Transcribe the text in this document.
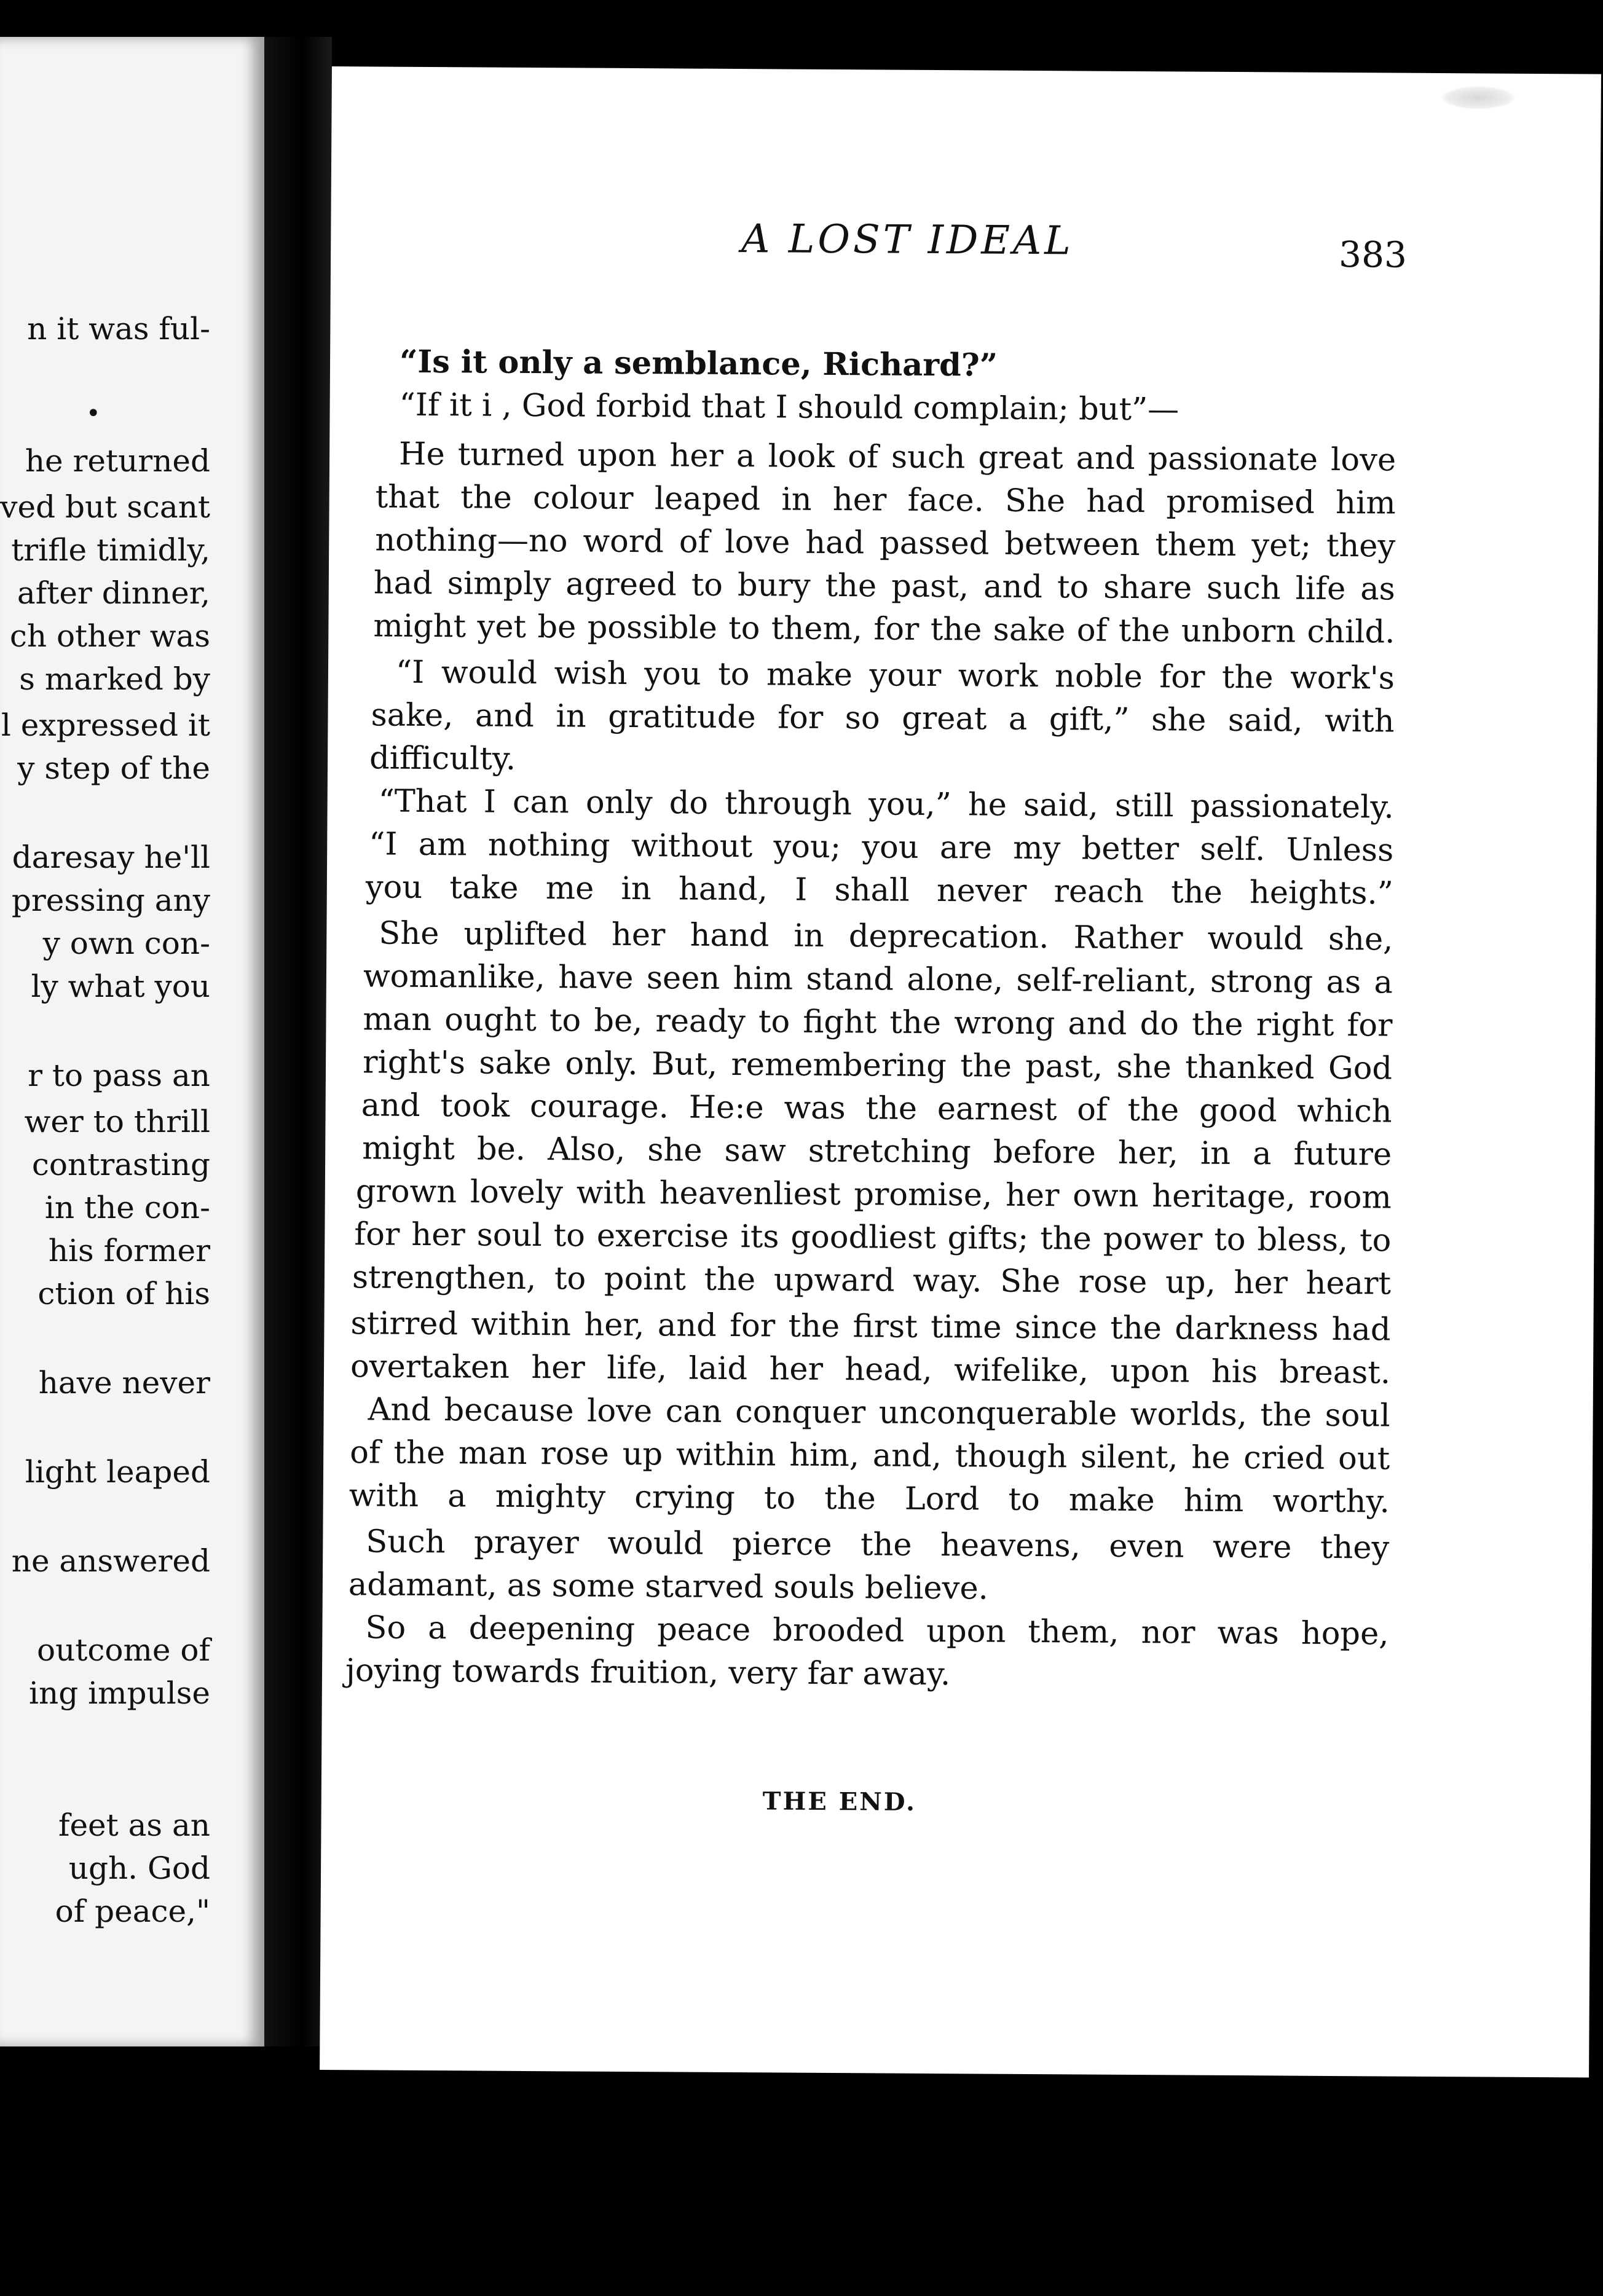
n it was ful-
he returned
ved but scant
trifle timidly,
after dinner,
ch other was
s marked by
l expressed it
y step of the
daresay he'll
pressing any
y own con-
ly what you
r to pass an
wer to thrill
contrasting
in the con-
his former
ction of his
have never
light leaped
ne answered
outcome of
ing impulse
feet as an
ugh. God
of peace,"
•
A LOST IDEAL	383
“Is it only a semblance, Richard?”
“If it i , God forbid that I should complain; but”—
He turned upon her a look of such great and passionate love
that the colour leaped in her face. She had promised him
nothing—no word of love had passed between them yet; they
had simply agreed to bury the past, and to share such life as
might yet be possible to them, for the sake of the unborn child.
“I would wish you to make your work noble for the work's
sake, and in gratitude for so great a gift,” she said, with
difficulty.
“That I can only do through you,” he said, still passionately.
“I am nothing without you; you are my better self. Unless
you take me in hand, I shall never reach the heights.”
She uplifted her hand in deprecation. Rather would she,
womanlike, have seen him stand alone, self-reliant, strong as a
man ought to be, ready to fight the wrong and do the right for
right's sake only. But, remembering the past, she thanked God
and took courage. He:e was the earnest of the good which
might be. Also, she saw stretching before her, in a future
grown lovely with heavenliest promise, her own heritage, room
for her soul to exercise its goodliest gifts; the power to bless, to
strengthen, to point the upward way. She rose up, her heart
stirred within her, and for the first time since the darkness had
overtaken her life, laid her head, wifelike, upon his breast.
And because love can conquer unconquerable worlds, the soul
of the man rose up within him, and, though silent, he cried out
with a mighty crying to the Lord to make him worthy.
Such prayer would pierce the heavens, even were they
adamant, as some starved souls believe.
So a deepening peace brooded upon them, nor was hope,
joying towards fruition, very far away.
THE END.
